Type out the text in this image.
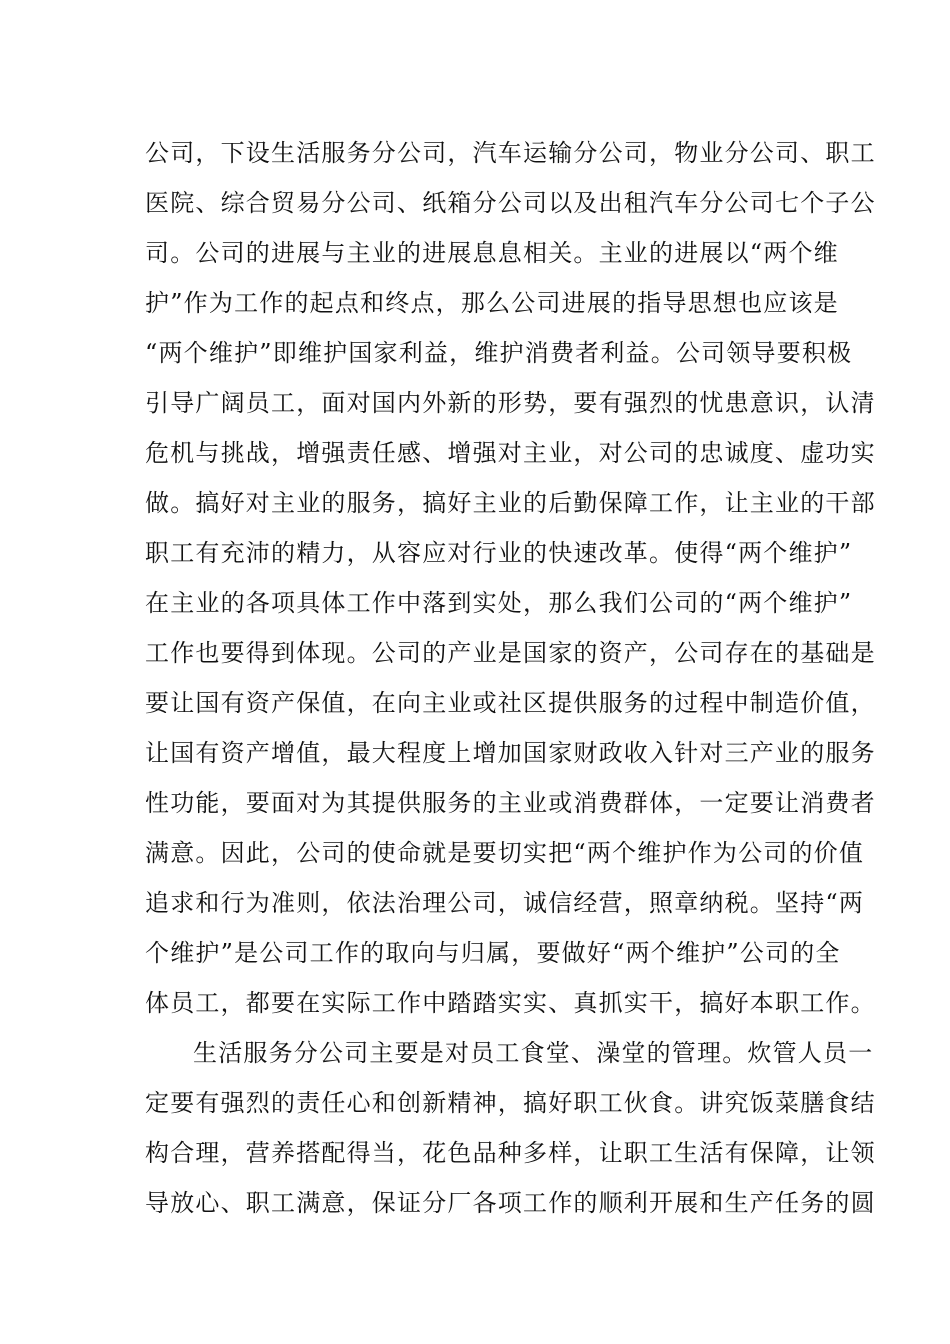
公司，下设生活服务分公司，汽车运输分公司，物业分公司、职工
医院、综合贸易分公司、纸箱分公司以及出租汽车分公司七个子公
司。公司的进展与主业的进展息息相关。主业的进展以“两个维
护”作为工作的起点和终点，那么公司进展的指导思想也应该是
“两个维护”即维护国家利益，维护消费者利益。公司领导要积极
引导广阔员工，面对国内外新的形势，要有强烈的忧患意识，认清
危机与挑战，增强责任感、增强对主业，对公司的忠诚度、虚功实
做。搞好对主业的服务，搞好主业的后勤保障工作，让主业的干部
职工有充沛的精力，从容应对行业的快速改革。使得“两个维护”
在主业的各项具体工作中落到实处，那么我们公司的“两个维护”
工作也要得到体现。公司的产业是国家的资产，公司存在的基础是
要让国有资产保值，在向主业或社区提供服务的过程中制造价值，
让国有资产增值，最大程度上增加国家财政收入针对三产业的服务
性功能，要面对为其提供服务的主业或消费群体，一定要让消费者
满意。因此，公司的使命就是要切实把“两个维护作为公司的价值
追求和行为准则，依法治理公司，诚信经营，照章纳税。坚持“两
个维护”是公司工作的取向与归属，要做好“两个维护”公司的全
体员工，都要在实际工作中踏踏实实、真抓实干，搞好本职工作。
生活服务分公司主要是对员工食堂、澡堂的管理。炊管人员一
定要有强烈的责任心和创新精神，搞好职工伙食。讲究饭菜膳食结
构合理，营养搭配得当，花色品种多样，让职工生活有保障，让领
导放心、职工满意，保证分厂各项工作的顺利开展和生产任务的圆
